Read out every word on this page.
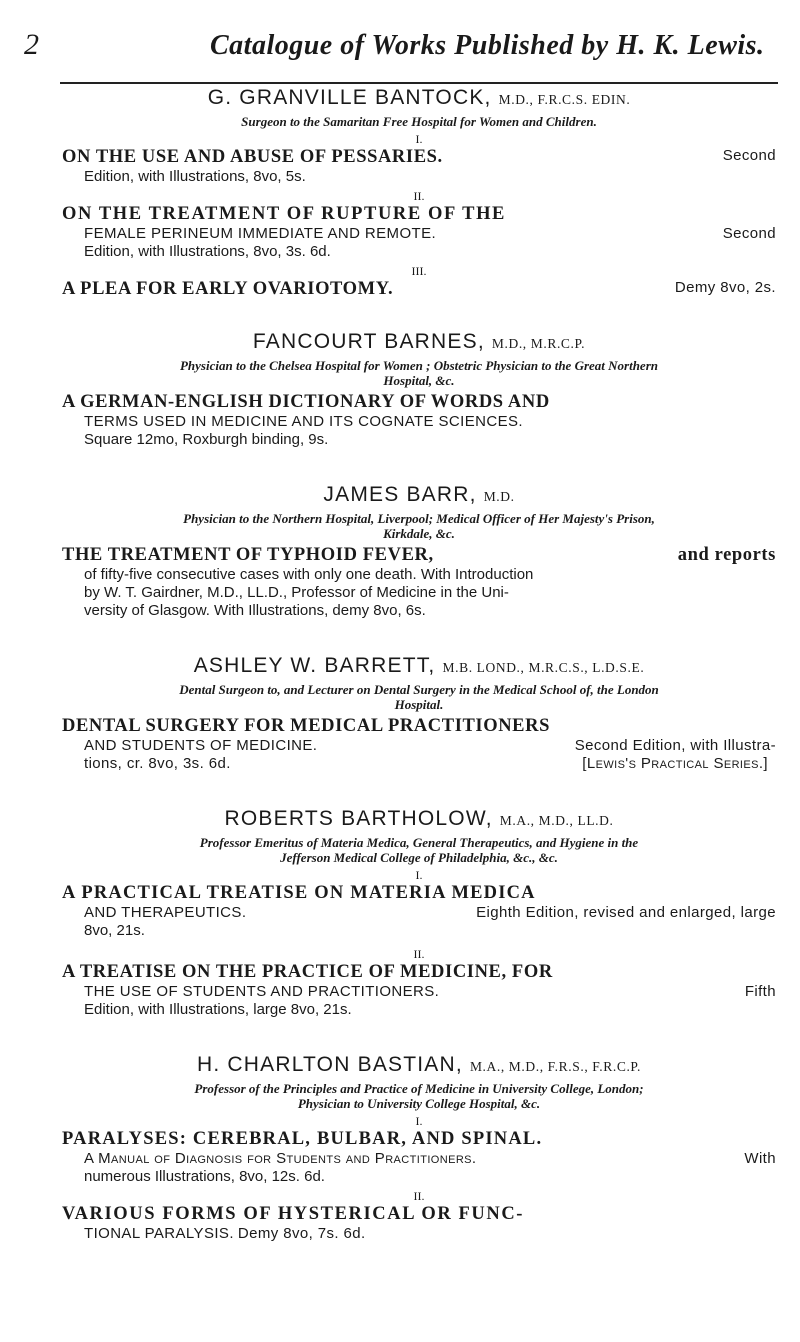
2	Catalogue of Works Published by H. K. Lewis.
G. GRANVILLE BANTOCK, M.D., F.R.C.S. EDIN.
Surgeon to the Samaritan Free Hospital for Women and Children.
I.
ON THE USE AND ABUSE OF PESSARIES.	Second
Edition, with Illustrations, 8vo, 5s.
II.
ON THE TREATMENT OF RUPTURE OF THE
FEMALE PERINEUM IMMEDIATE AND REMOTE.	Second
Edition, with Illustrations, 8vo, 3s. 6d.
III.
A PLEA FOR EARLY OVARIOTOMY.	Demy 8vo, 2s.
FANCOURT BARNES, M.D., M.R.C.P.
Physician to the Chelsea Hospital for Women ; Obstetric Physician to the Great Northern
Hospital, &c.
A GERMAN-ENGLISH DICTIONARY OF WORDS AND
TERMS USED IN MEDICINE AND ITS COGNATE SCIENCES.
Square 12mo, Roxburgh binding, 9s.
JAMES BARR, M.D.
Physician to the Northern Hospital, Liverpool; Medical Officer of Her Majesty's Prison,
Kirkdale, &c.
THE TREATMENT OF TYPHOID FEVER,	and reports
of fifty-five consecutive cases with only one death. With Introduction
by W. T. Gairdner, M.D., LL.D., Professor of Medicine in the Uni-
versity of Glasgow. With Illustrations, demy 8vo, 6s.
ASHLEY W. BARRETT, M.B. LOND., M.R.C.S., L.D.S.E.
Dental Surgeon to, and Lecturer on Dental Surgery in the Medical School of, the London
Hospital.
DENTAL SURGERY FOR MEDICAL PRACTITIONERS
AND STUDENTS OF MEDICINE.	Second Edition, with Illustra-
tions, cr. 8vo, 3s. 6d.	[Lewis's Practical Series.]
ROBERTS BARTHOLOW, M.A., M.D., LL.D.
Professor Emeritus of Materia Medica, General Therapeutics, and Hygiene in the
Jefferson Medical College of Philadelphia, &c., &c.
I.
A PRACTICAL TREATISE ON MATERIA MEDICA
AND THERAPEUTICS.	Eighth Edition, revised and enlarged, large
8vo, 21s.
II.
A TREATISE ON THE PRACTICE OF MEDICINE, FOR
THE USE OF STUDENTS AND PRACTITIONERS.	Fifth
Edition, with Illustrations, large 8vo, 21s.
H. CHARLTON BASTIAN, M.A., M.D., F.R.S., F.R.C.P.
Professor of the Principles and Practice of Medicine in University College, London;
Physician to University College Hospital, &c.
I.
PARALYSES: CEREBRAL, BULBAR, AND SPINAL.
A Manual of Diagnosis for Students and Practitioners.	With
numerous Illustrations, 8vo, 12s. 6d.
II.
VARIOUS FORMS OF HYSTERICAL OR FUNC-
TIONAL PARALYSIS. Demy 8vo, 7s. 6d.
